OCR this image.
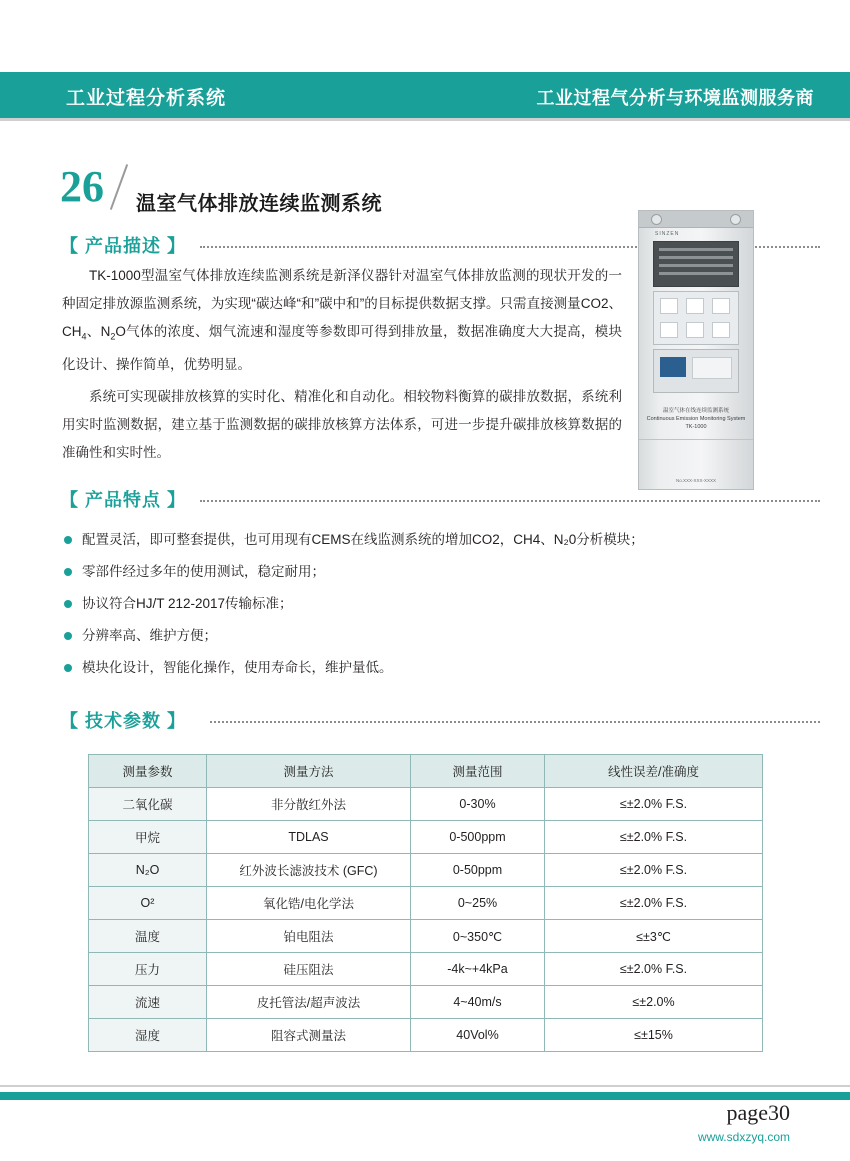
工业过程分析系统	工业过程气分析与环境监测服务商
26 温室气体排放连续监测系统
【 产品描述 】

TK-1000型温室气体排放连续监测系统是新泽仪器针对温室气体排放监测的现状开发的一种固定排放源监测系统，为实现“碳达峰“和”碳中和”的目标提供数据支撑。只需直接测量CO2、$CH_4$、$N_2O$气体的浓度、烟气流速和湿度等参数即可得到排放量，数据准确度大大提高，模块化设计、操作简单，优势明显。

系统可实现碳排放核算的实时化、精准化和自动化。相较物料衡算的碳排放数据，系统利用实时监测数据，建立基于监测数据的碳排放核算方法体系，可进一步提升碳排放核算数据的准确性和实时性。

SINZEN
温室气体在线连续监测系统
Continuous Emission Monitoring System
TK-1000
No.XXX-XXX-XXXX
【 产品特点 】
配置灵活，即可整套提供，也可用现有CEMS在线监测系统的增加CO2，CH4、N₂0分析模块；
零部件经过多年的使用测试，稳定耐用；
协议符合HJ/T 212-2017传输标准；
分辨率高、维护方便；
模块化设计，智能化操作，使用寿命长，维护量低。
【 技术参数 】
测量参数	测量方法	测量范围	线性误差/准确度
二氧化碳	非分散红外法	0-30%	≤±2.0% F.S.
甲烷	TDLAS	0-500ppm	≤±2.0% F.S.
N₂O	红外波长滤波技术 (GFC)	0-50ppm	≤±2.0% F.S.
O²	氧化锆/电化学法	0~25%	≤±2.0% F.S.
温度	铂电阻法	0~350℃	≤±3℃
压力	硅压阻法	-4k~+4kPa	≤±2.0% F.S.
流速	皮托管法/超声波法	4~40m/s	≤±2.0%
湿度	阻容式测量法	40Vol%	≤±15%
page30
www.sdxzyq.com
